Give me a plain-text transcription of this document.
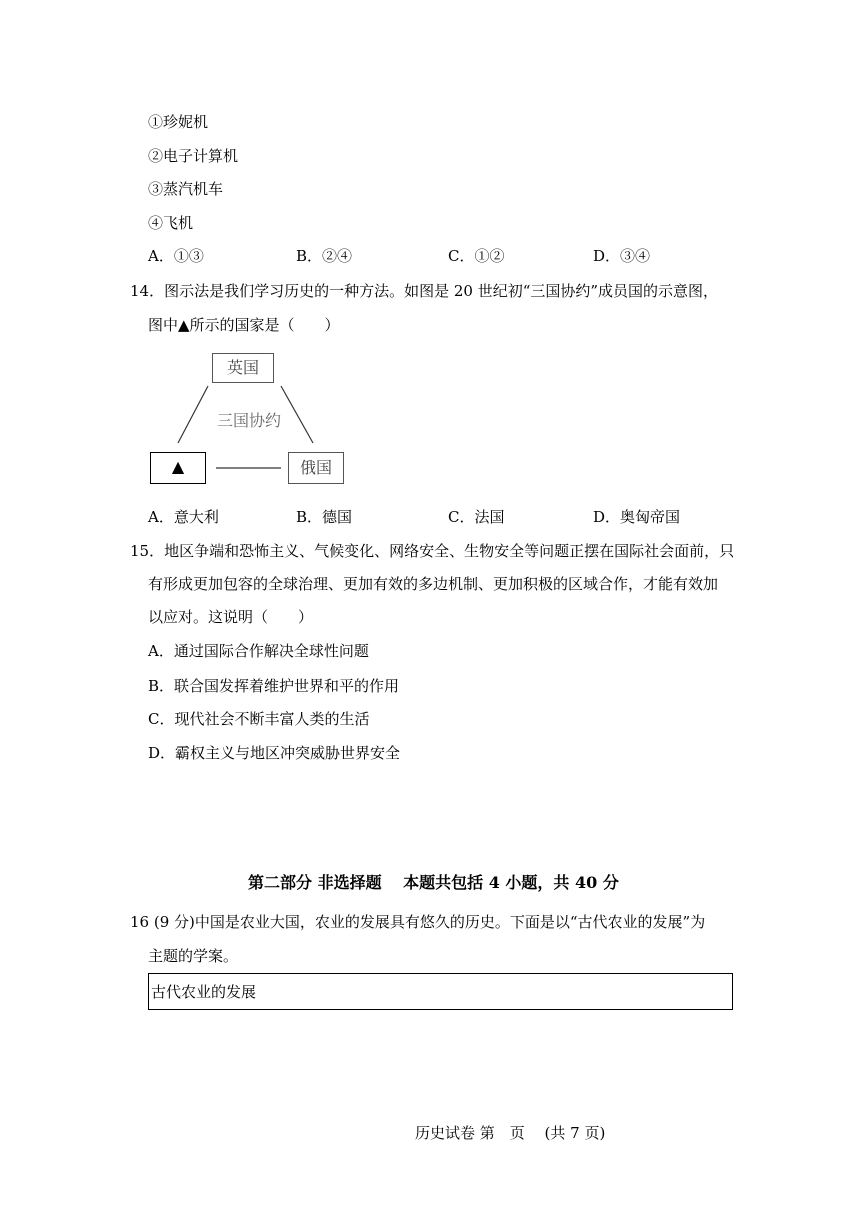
①珍妮机
②电子计算机
③蒸汽机车
④飞机
A．①③	B．②④	C．①②	D．③④
14．图示法是我们学习历史的一种方法。如图是 20 世纪初“三国协约”成员国的示意图，
图中▲所示的国家是（　　）
英国
三国协约
▲	俄国
A．意大利	B．德国	C．法国	D．奥匈帝国
15．地区争端和恐怖主义、气候变化、网络安全、生物安全等问题正摆在国际社会面前，只
有形成更加包容的全球治理、更加有效的多边机制、更加积极的区域合作，才能有效加
以应对。这说明（　　）
A．通过国际合作解决全球性问题
B．联合国发挥着维护世界和平的作用
C．现代社会不断丰富人类的生活
D．霸权主义与地区冲突威胁世界安全
第二部分 非选择题　 本题共包括 4 小题，共 40 分
16 (9 分)中国是农业大国，农业的发展具有悠久的历史。下面是以“古代农业的发展”为
主题的学案。
古代农业的发展
历史试卷 第　页　 (共 7 页)
